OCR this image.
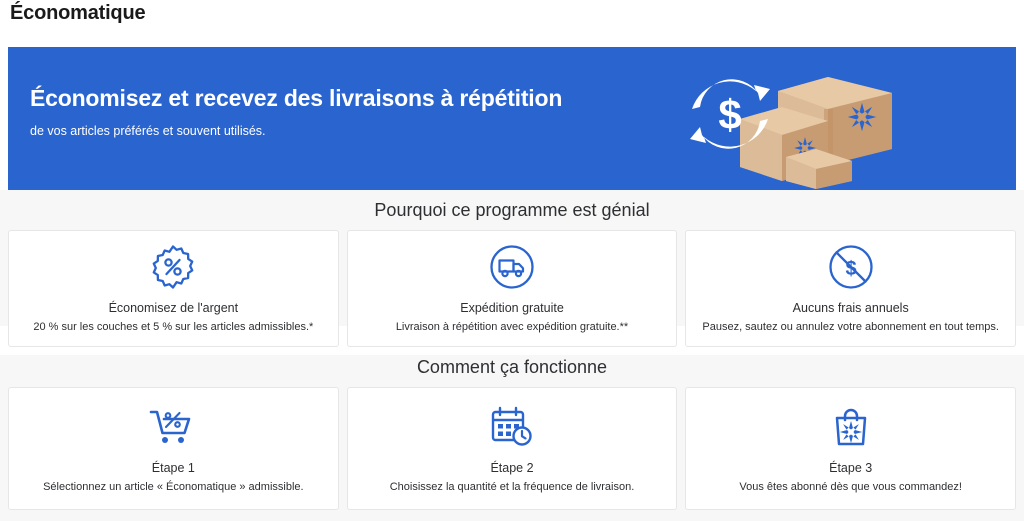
Économatique
Économisez et recevez des livraisons à répétition
de vos articles préférés et souvent utilisés.	$
Pourquoi ce programme est génial

Économisez de l'argent

20 % sur les couches et 5 % sur les articles admissibles.*

Expédition gratuite

Livraison à répétition avec expédition gratuite.**

$

Aucuns frais annuels

Pausez, sautez ou annulez votre abonnement en tout temps.

Comment ça fonctionne

Étape 1

Sélectionnez un article « Économatique » admissible.

Étape 2

Choisissez la quantité et la fréquence de livraison.

Étape 3

Vous êtes abonné dès que vous commandez!
